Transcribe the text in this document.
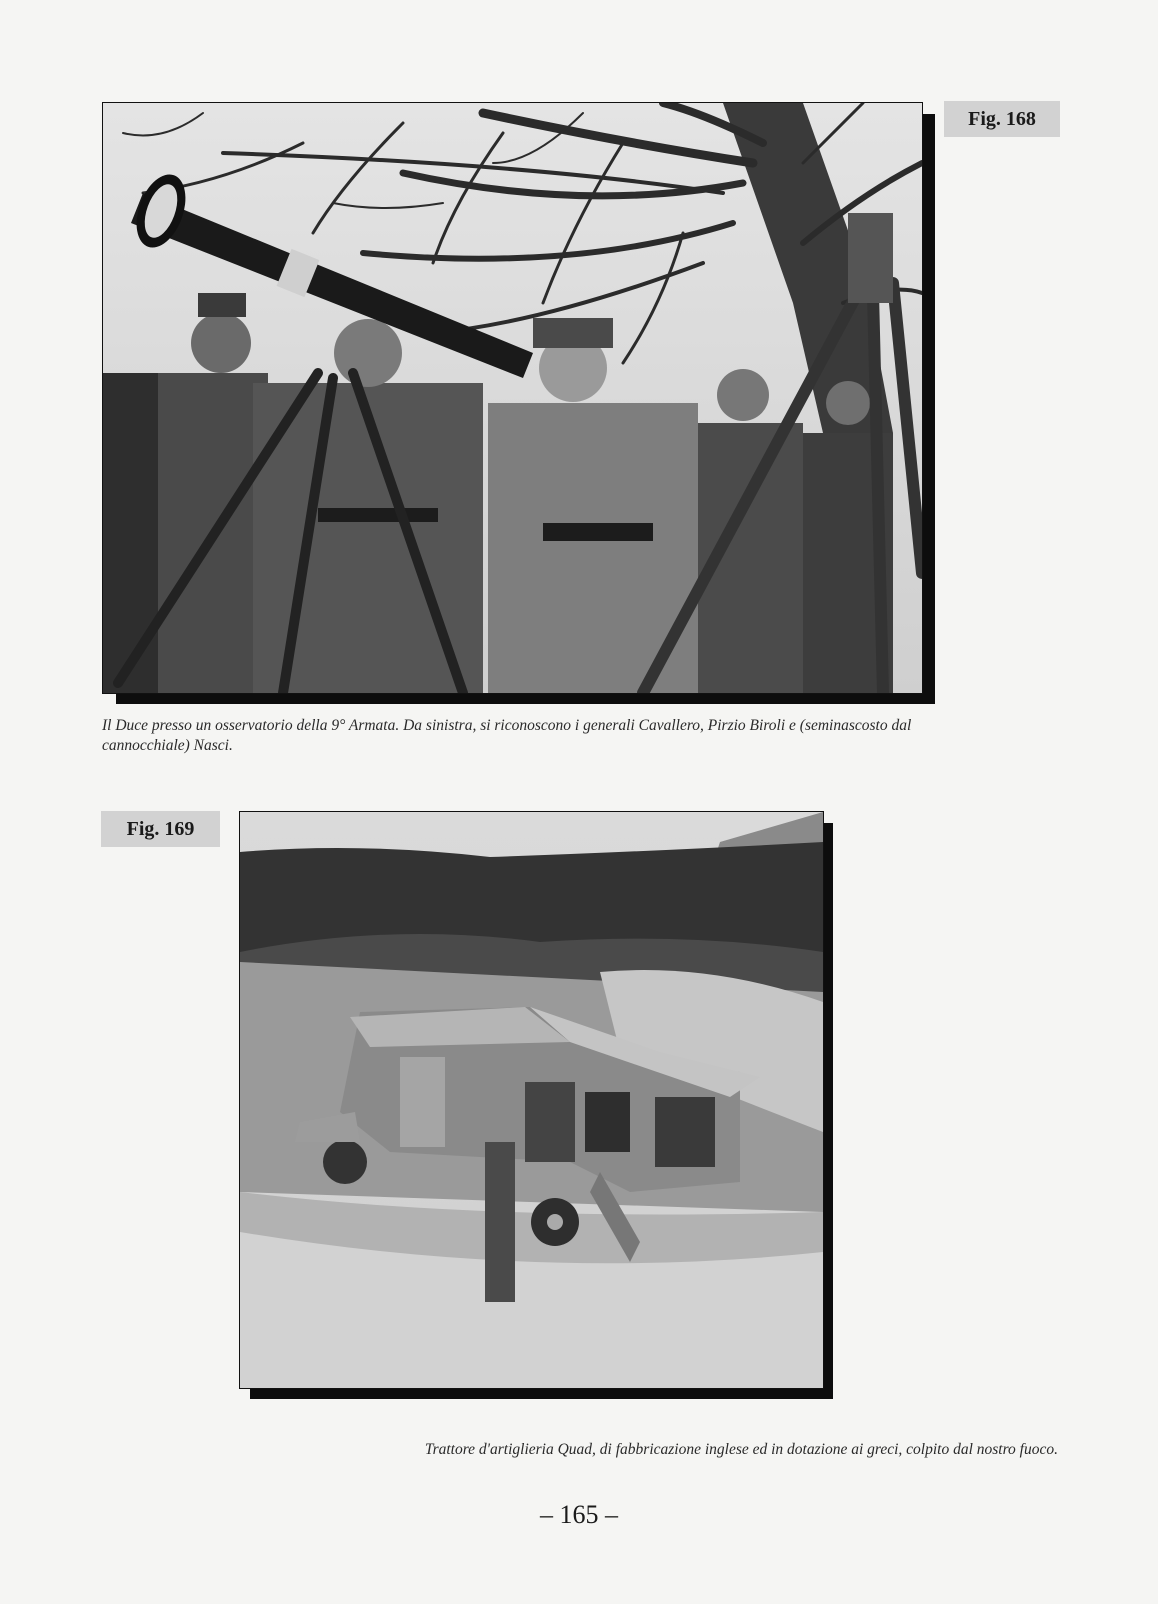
Fig. 168
Il Duce presso un osservatorio della 9° Armata. Da sinistra, si riconoscono i generali Cavallero, Pirzio Biroli e (seminascosto dal cannocchiale) Nasci.
Fig. 169
Trattore d'artiglieria Quad, di fabbricazione inglese ed in dotazione ai greci, colpito dal nostro fuoco.
– 165 –
